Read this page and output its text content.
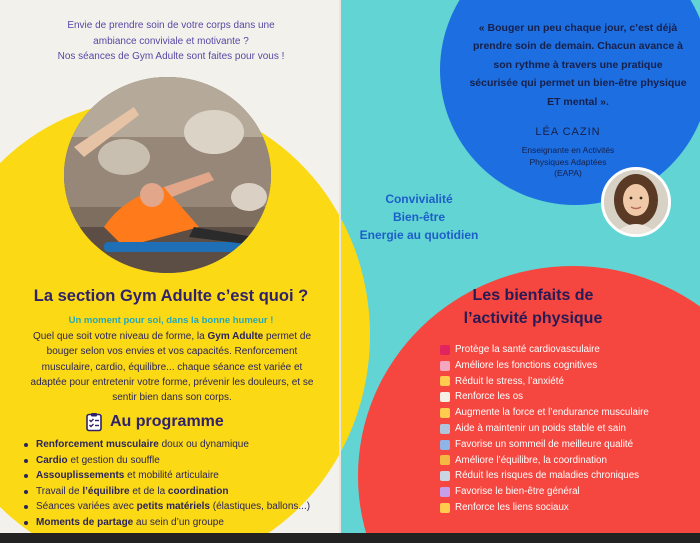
Envie de prendre soin de votre corps dans une

ambiance conviviale et motivante ?

Nos séances de Gym Adulte sont faites pour vous !

La section Gym Adulte c’est quoi ?
Un moment pour soi, dans la bonne humeur !

Quel que soit votre niveau de forme, la Gym Adulte permet de

bouger selon vos envies et vos capacités. Renforcement

musculaire, cardio, équilibre... chaque séance est variée et

adaptée pour entretenir votre forme, prévenir les douleurs, et se

sentir bien dans son corps.

Au programme
Renforcement musculaire doux ou dynamique
Cardio et gestion du souffle
Assouplissements et mobilité articulaire
Travail de l’équilibre et de la coordination
Séances variées avec petits matériels (élastiques, ballons...)
Moments de partage au sein d’un groupe
« Bouger un peu chaque jour, c’est déjà prendre soin de demain. Chacun avance à son rythme à travers une pratique sécurisée qui permet un bien-être physique ET mental ».
LÉA CAZIN
Enseignante en Activités
Physiques Adaptées
(EAPA)
Convivialité
Bien-être
Energie au quotidien
Les bienfaits de
l’activité physique
Protège la santé cardiovasculaire
Améliore les fonctions cognitives
Réduit le stress, l’anxiété
Renforce les os
Augmente la force et l’endurance musculaire
Aide à maintenir un poids stable et sain
Favorise un sommeil de meilleure qualité
Améliore l’équilibre, la coordination
Réduit les risques de maladies chroniques
Favorise le bien-être général
Renforce les liens sociaux
